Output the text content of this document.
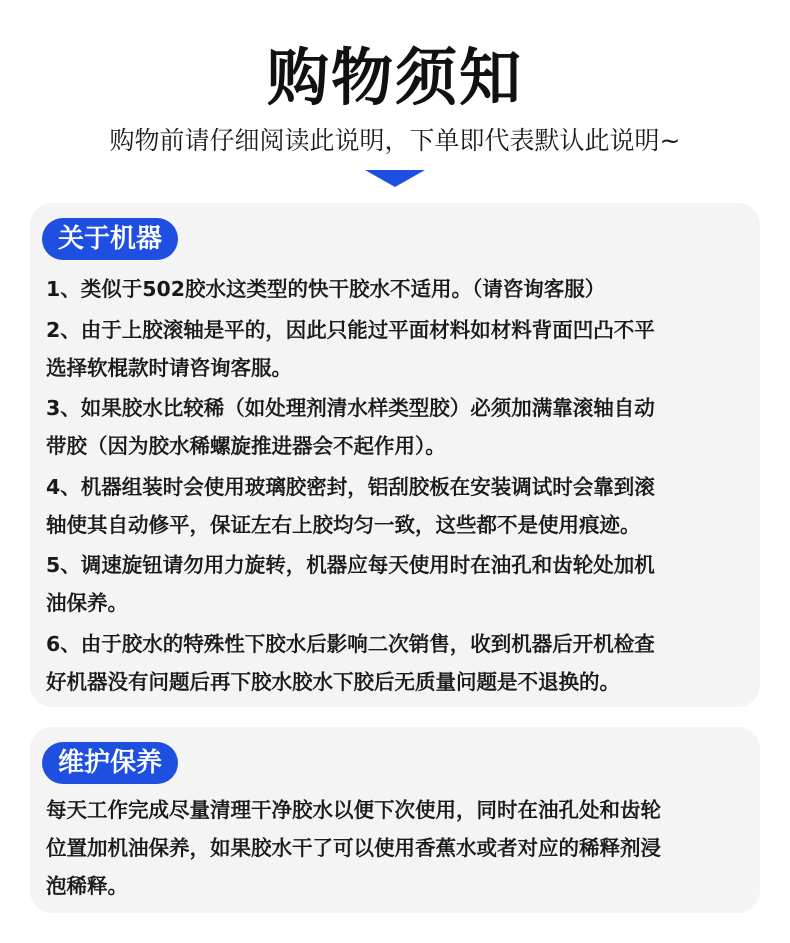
购物须知
购物前请仔细阅读此说明，下单即代表默认此说明~
关于机器
1、类似于502胶水这类型的快干胶水不适用。（请咨询客服）
2、由于上胶滚轴是平的，因此只能过平面材料如材料背面凹凸不平
选择软棍款时请咨询客服。
3、如果胶水比较稀（如处理剂清水样类型胶）必须加满靠滚轴自动
带胶（因为胶水稀螺旋推进器会不起作用）。
4、机器组装时会使用玻璃胶密封，铝刮胶板在安装调试时会靠到滚
轴使其自动修平，保证左右上胶均匀一致，这些都不是使用痕迹。
5、调速旋钮请勿用力旋转，机器应每天使用时在油孔和齿轮处加机
油保养。
6、由于胶水的特殊性下胶水后影响二次销售，收到机器后开机检查
好机器没有问题后再下胶水胶水下胶后无质量问题是不退换的。
维护保养

每天工作完成尽量清理干净胶水以便下次使用，同时在油孔处和齿轮
位置加机油保养，如果胶水干了可以使用香蕉水或者对应的稀释剂浸
泡稀释。
